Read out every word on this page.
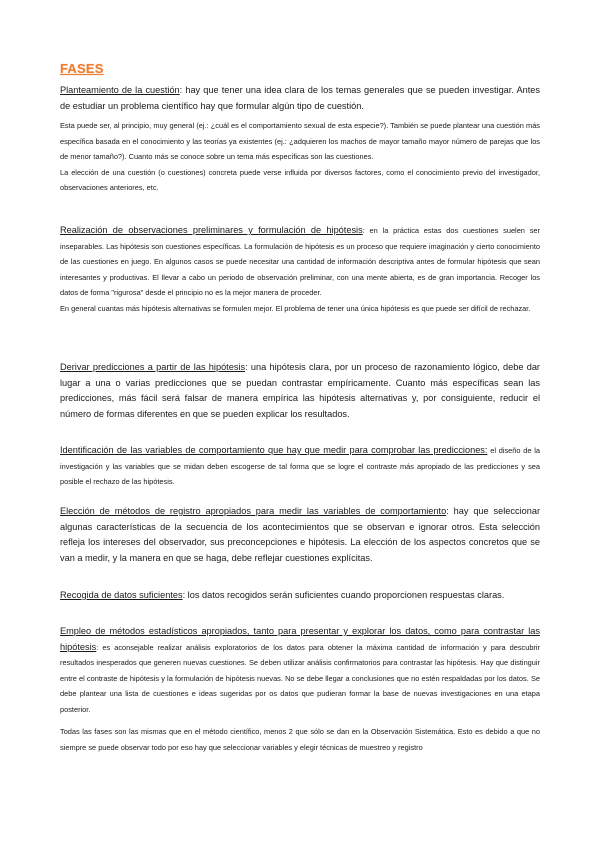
FASES

Planteamiento de la cuestión: hay que tener una idea clara de los temas generales que se pueden investigar. Antes de estudiar un problema científico hay que formular algún tipo de cuestión.

Esta puede ser, al principio, muy general (ej.: ¿cuál es el comportamiento sexual de esta especie?). También se puede plantear una cuestión más específica basada en el conocimiento y las teorías ya existentes (ej.: ¿adquieren los machos de mayor tamaño mayor número de parejas que los de menor tamaño?). Cuanto más se conoce sobre un tema más específicas son las cuestiones.

La elección de una cuestión (o cuestiones) concreta puede verse influida por diversos factores, como el conocimiento previo del investigador, observaciones anteriores, etc.

Realización de observaciones preliminares y formulación de hipótesis: en la práctica estas dos cuestiones suelen ser inseparables. Las hipótesis son cuestiones específicas. La formulación de hipótesis es un proceso que requiere imaginación y cierto conocimiento de las cuestiones en juego. En algunos casos se puede necesitar una cantidad de información descriptiva antes de formular hipótesis que sean interesantes y productivas. El llevar a cabo un periodo de observación preliminar, con una mente abierta, es de gran importancia. Recoger los datos de forma "rigurosa" desde el principio no es la mejor manera de proceder.

En general cuantas más hipótesis alternativas se formulen mejor. El problema de tener una única hipótesis es que puede ser difícil de rechazar.

Derivar predicciones a partir de las hipótesis: una hipótesis clara, por un proceso de razonamiento lógico, debe dar lugar a una o varias predicciones que se puedan contrastar empíricamente. Cuanto más específicas sean las predicciones, más fácil será falsar de manera empírica las hipótesis alternativas y, por consiguiente, reducir el número de formas diferentes en que se pueden explicar los resultados.

Identificación de las variables de comportamiento que hay que medir para comprobar las predicciones: el diseño de la investigación y las variables que se midan deben escogerse de tal forma que se logre el contraste más apropiado de las predicciones y sea posible el rechazo de las hipótesis.

Elección de métodos de registro apropiados para medir las variables de comportamiento: hay que seleccionar algunas características de la secuencia de los acontecimientos que se observan e ignorar otros. Esta selección refleja los intereses del observador, sus preconcepciones e hipótesis. La elección de los aspectos concretos que se van a medir, y la manera en que se haga, debe reflejar cuestiones explícitas.

Recogida de datos suficientes: los datos recogidos serán suficientes cuando proporcionen respuestas claras.

Empleo de métodos estadísticos apropiados, tanto para presentar y explorar los datos, como para contrastar las hipótesis: es aconsejable realizar análisis exploratorios de los datos para obtener la máxima cantidad de información y para descubrir resultados inesperados que generen nuevas cuestiones. Se deben utilizar análisis confirmatorios para contrastar las hipótesis. Hay que distinguir entre el contraste de hipótesis y la formulación de hipótesis nuevas. No se debe llegar a conclusiones que no estén respaldadas por los datos. Se debe plantear una lista de cuestiones e ideas sugeridas por os datos que pudieran formar la base de nuevas investigaciones en una etapa posterior.

Todas las fases son las mismas que en el método científico, menos 2 que sólo se dan en la Observación Sistemática. Esto es debido a que no siempre se puede observar todo por eso hay que seleccionar variables y elegir técnicas de muestreo y registro
